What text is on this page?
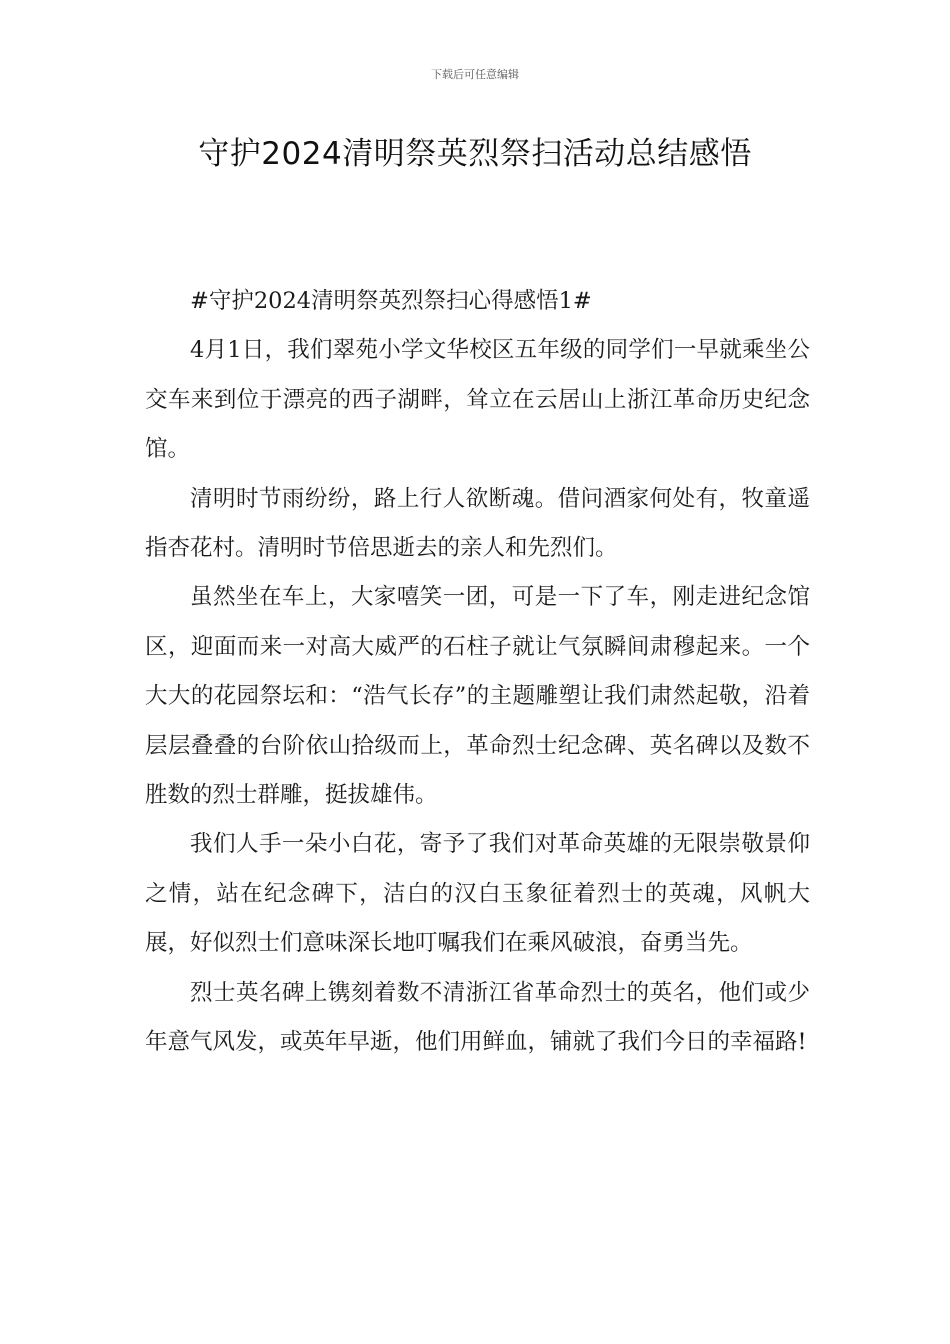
下载后可任意编辑
守护2024清明祭英烈祭扫活动总结感悟

#守护2024清明祭英烈祭扫心得感悟1#

4月1日，我们翠苑小学文华校区五年级的同学们一早就乘坐公交车来到位于漂亮的西子湖畔，耸立在云居山上浙江革命历史纪念馆。

清明时节雨纷纷，路上行人欲断魂。借问酒家何处有，牧童遥指杏花村。清明时节倍思逝去的亲人和先烈们。

虽然坐在车上，大家嘻笑一团，可是一下了车，刚走进纪念馆区，迎面而来一对高大威严的石柱子就让气氛瞬间肃穆起来。一个大大的花园祭坛和：“浩气长存”的主题雕塑让我们肃然起敬，沿着层层叠叠的台阶依山拾级而上，革命烈士纪念碑、英名碑以及数不胜数的烈士群雕，挺拔雄伟。

我们人手一朵小白花，寄予了我们对革命英雄的无限崇敬景仰之情，站在纪念碑下，洁白的汉白玉象征着烈士的英魂，风帆大展，好似烈士们意味深长地叮嘱我们在乘风破浪，奋勇当先。

烈士英名碑上镌刻着数不清浙江省革命烈士的英名，他们或少年意气风发，或英年早逝，他们用鲜血，铺就了我们今日的幸福路!
